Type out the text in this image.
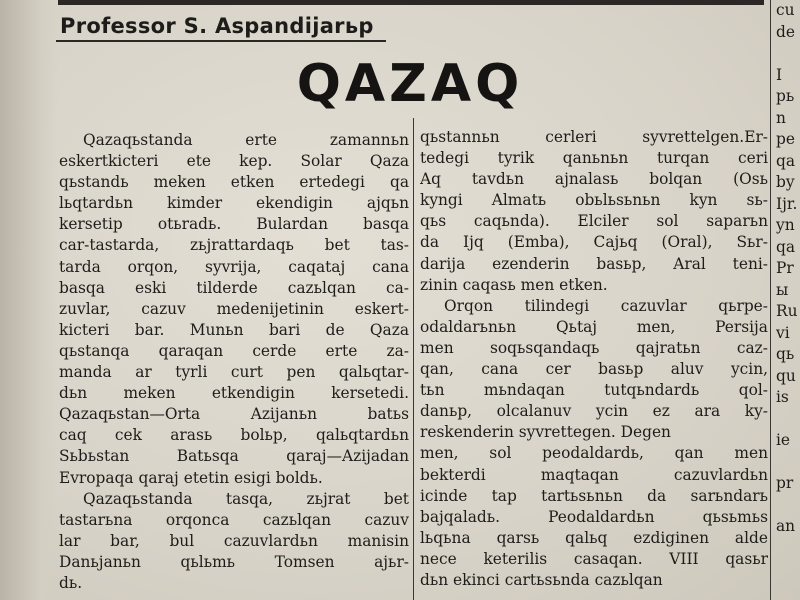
Professor S. Aspandijarьp
QAZAQ
Qazaqьstanda erte zamannьn
eskertkicteri ete kep. Solar Qaza
qьstandь meken etken ertedegi qa
lьqtardьn kimder ekendigin ajqьn
kersetip otьradь. Bulardan basqa
car-tastarda, zьjrattardaqь bet tas-
tarda orqon, syvrija, caqataj cana
basqa eski tilderde cazьlqan ca-
zuvlar, cazuv medenijetinin eskert-
kicteri bar. Munьn bari de Qaza
qьstanqa qaraqan cerde erte za-
manda ar tyrli curt pen qalьqtar-
dьn meken etkendigin kersetedi.
Qazaqьstan—Orta Azijanьn batьs
caq cek arasь bolьp, qalьqtardьn
Sьbьstan Batьsqa qaraj—Azijadan
Evropaqa qaraj etetin esigi boldь.
Qazaqьstanda tasqa, zьjrat bet
tastarьna orqonca cazьlqan cazuv
lar bar, bul cazuvlardьn manisin
Danьjanьn qьlьmь Tomsen ajьr-
dь.
qьstannьn cerleri syvrettelgen.Er-
tedegi tyrik qanьnьn turqan ceri
Aq tavdьn ajnalasь bolqan (Osь
kyngi Almatь obьlьsьnьn kyn sь-
qьs caqьnda). Elciler sol saparьn
da Ijq (Emba), Cajьq (Oral), Sьr-
darija ezenderin basьp, Aral teni-
zinin caqasь men etken.
Orqon tilindegi cazuvlar qьrpe-
odaldarьnьn Qьtaj men, Persija
men soqьsqandaqь qajratьn caz-
qan, cana cer basьp aluv ycin,
tьn mьndaqan tutqьndardь qol-
danьp, olcalanuv ycin ez ara ky-
reskenderin syvrettegen. Degen
men, sol peodaldardь, qan men
bekterdi maqtaqan cazuvlardьn
icinde tap tartьsьnьn da sarьndarь
bajqaladь. Peodaldardьn qьsьmьs
lьqьna qarsь qalьq ezdiginen alde
nece keterilis casaqan. VIII qasьr
dьn ekinci cartьsьnda cazьlqan
cu
de
I
pь
n
pe
qa
by
Ijr.
yn
qa
Pr
ы
Ru
vi
qь
qu
is
ie
pr
an
